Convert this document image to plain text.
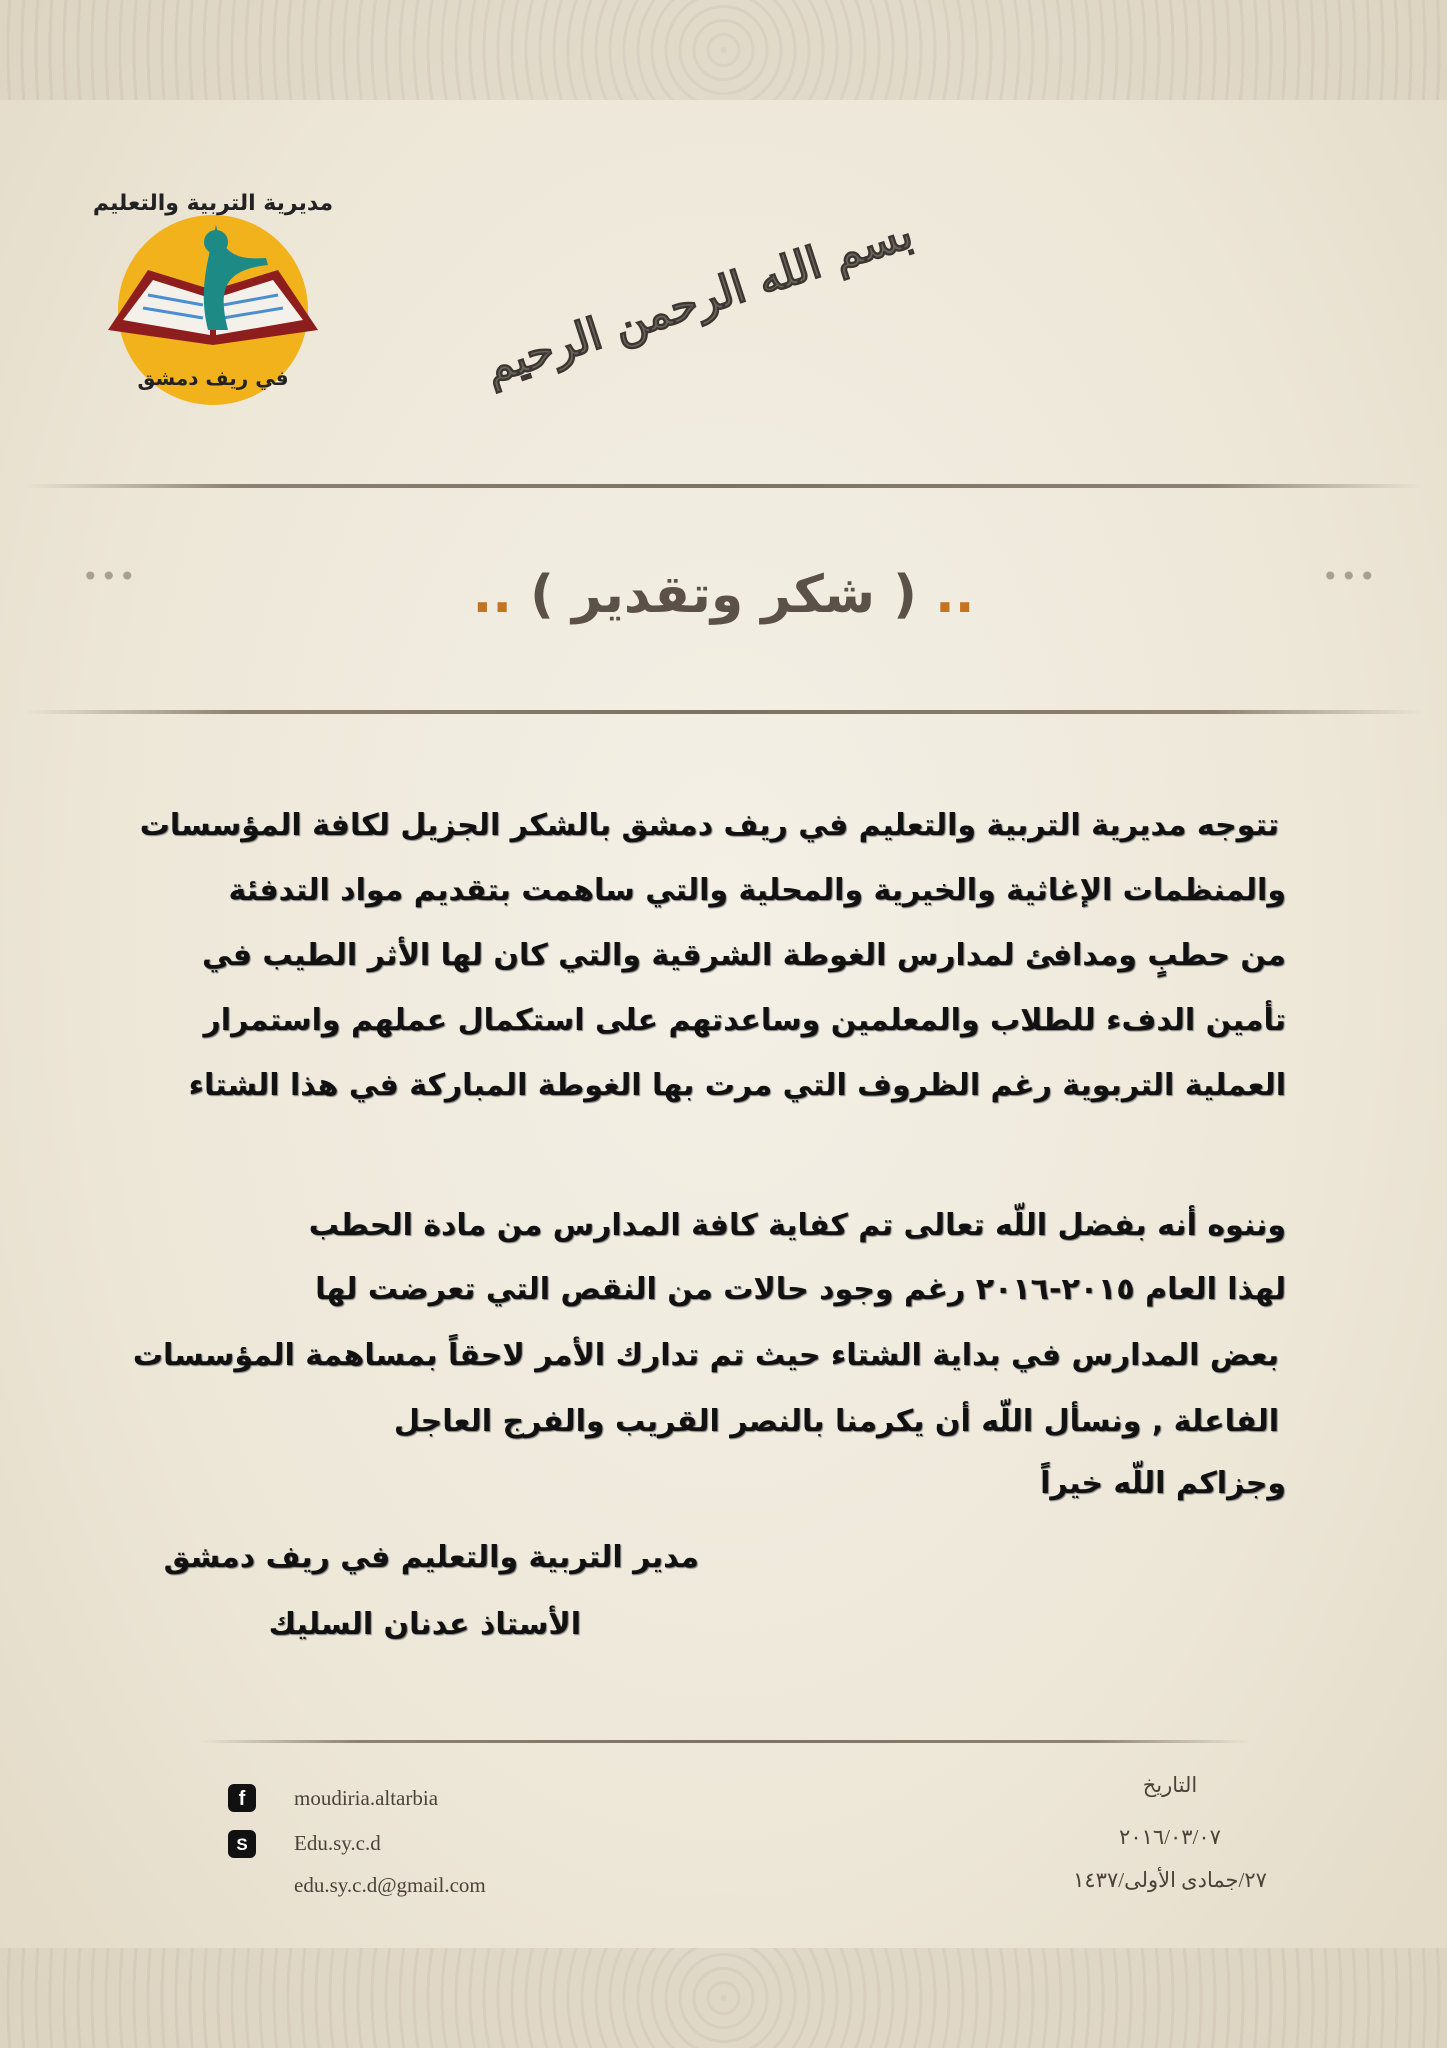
مديرية التربية والتعليم
في ريف دمشق	بسم الله الرحمن الرحيم
•••	•••
.. ( شكر وتقدير ) ..
تتوجه مديرية التربية والتعليم في ريف دمشق بالشكر الجزيل لكافة المؤسسات
والمنظمات الإغاثية والخيرية والمحلية والتي ساهمت بتقديم مواد التدفئة
من حطبٍ ومدافئ لمدارس الغوطة الشرقية والتي كان لها الأثر الطيب في
تأمين الدفء للطلاب والمعلمين وساعدتهم على استكمال عملهم واستمرار
العملية التربوية رغم الظروف التي مرت بها الغوطة المباركة في هذا الشتاء
وننوه أنه بفضل اللّه تعالى تم كفاية كافة المدارس من مادة الحطب
لهذا العام ٢٠١٥-٢٠١٦ رغم وجود حالات من النقص التي تعرضت لها
بعض المدارس في بداية الشتاء حيث تم تدارك الأمر لاحقاً بمساهمة المؤسسات
الفاعلة , ونسأل اللّه أن يكرمنا بالنصر القريب والفرج العاجل
وجزاكم اللّه خيراً
مدير التربية والتعليم في ريف دمشق
الأستاذ عدنان السليك
f	moudiria.altarbia
S	Edu.sy.c.d
edu.sy.c.d@gmail.com
التاريخ
٢٠١٦/٠٣/٠٧
٢٧/جمادى الأولى/١٤٣٧
